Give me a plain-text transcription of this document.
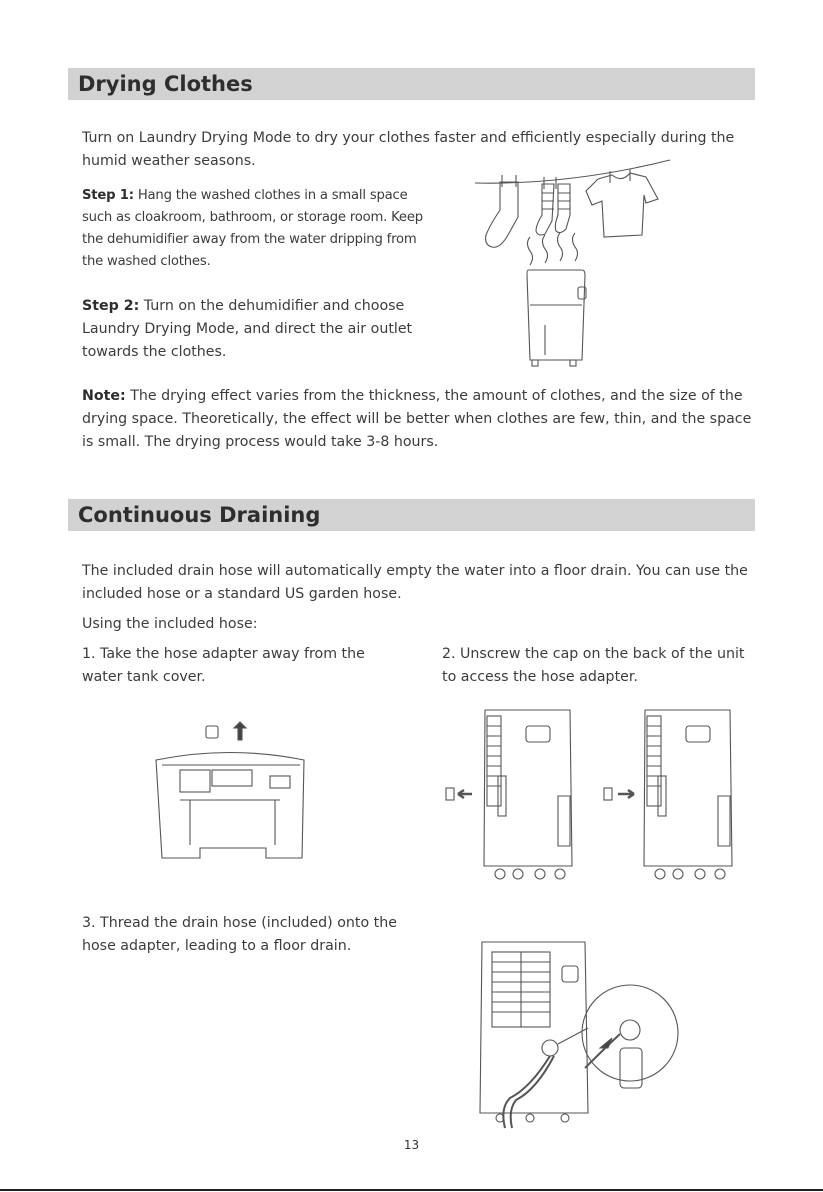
Drying Clothes
Turn on Laundry Drying Mode to dry your clothes faster and efficiently especially during the humid weather seasons.
Step 1: Hang the washed clothes in a small space such as cloakroom, bathroom, or storage room. Keep the dehumidifier away from the water dripping from the washed clothes.
Step 2: Turn on the dehumidifier and choose Laundry Drying Mode, and direct the air outlet towards the clothes.
Note: The drying effect varies from the thickness, the amount of clothes, and the size of the drying space. Theoretically, the effect will be better when clothes are few, thin, and the space is small. The drying process would take 3-8 hours.
Continuous Draining
The included drain hose will automatically empty the water into a floor drain. You can use the included hose or a standard US garden hose.
Using the included hose:
1. Take the hose adapter away from the water tank cover.
2. Unscrew the cap on the back of the unit to access the hose adapter.
3. Thread the drain hose (included) onto the hose adapter, leading to a floor drain.
13
